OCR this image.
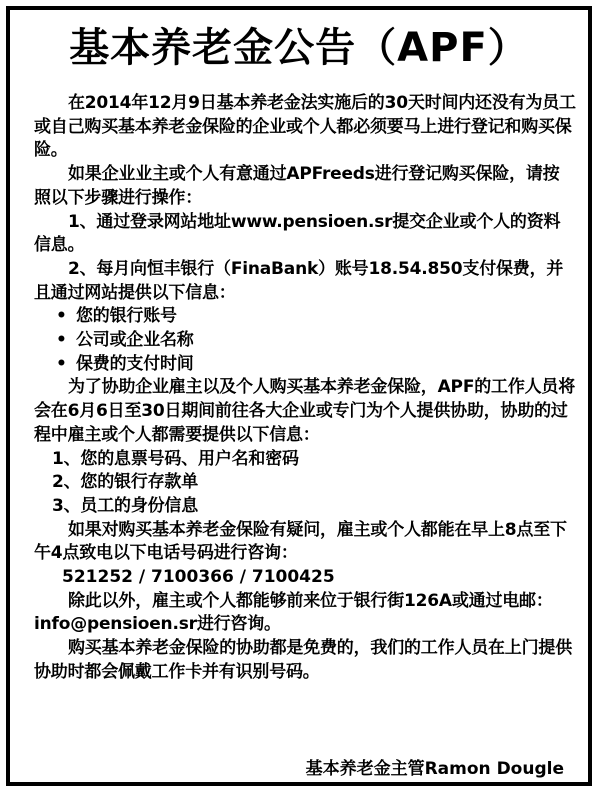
基本养老金公告（APF）

在2014年12月9日基本养老金法实施后的30天时间内还没有为员工或自己购买基本养老金保险的企业或个人都必须要马上进行登记和购买保险。

如果企业业主或个人有意通过APFreeds进行登记购买保险，请按照以下步骤进行操作：

1、通过登录网站地址www.pensioen.sr提交企业或个人的资料信息。

2、每月向恒丰银行（FinaBank）账号18.54.850支付保费，并且通过网站提供以下信息：

• 您的银行账号

• 公司或企业名称

• 保费的支付时间

为了协助企业雇主以及个人购买基本养老金保险，APF的工作人员将会在6月6日至30日期间前往各大企业或专门为个人提供协助，协助的过程中雇主或个人都需要提供以下信息：

1、您的息票号码、用户名和密码

2、您的银行存款单

3、员工的身份信息

如果对购买基本养老金保险有疑问，雇主或个人都能在早上8点至下午4点致电以下电话号码进行咨询：

521252 / 7100366 / 7100425

除此以外，雇主或个人都能够前来位于银行街126A或通过电邮：info@pensioen.sr进行咨询。

购买基本养老金保险的协助都是免费的，我们的工作人员在上门提供协助时都会佩戴工作卡并有识别号码。

基本养老金主管Ramon Dougle
